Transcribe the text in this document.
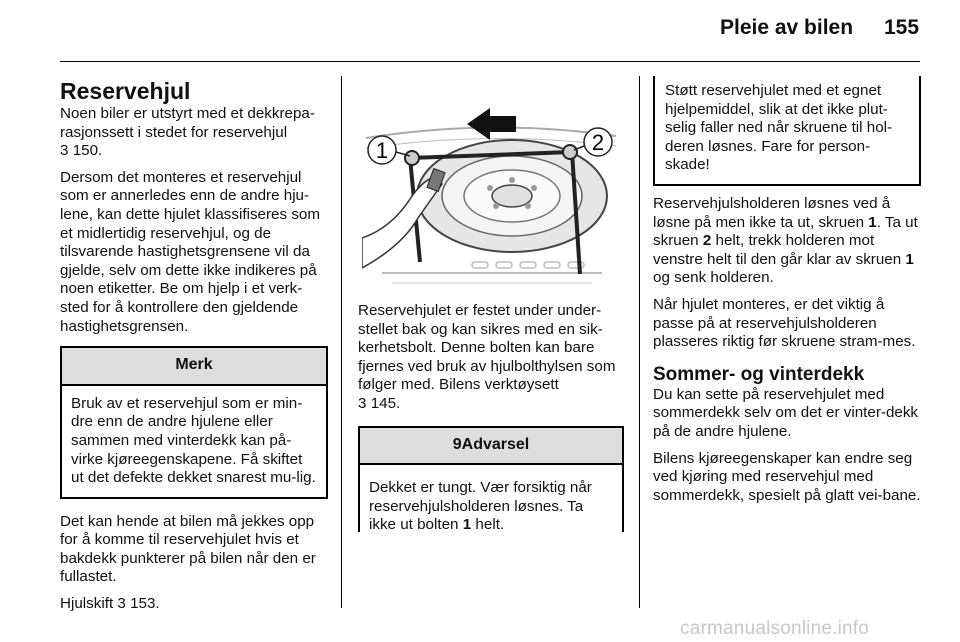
Pleie av bilen 155
Reservehjul

Noen biler er utstyrt med et dekkrepa-rasjonssett i stedet for reservehjul
3 150.

Dersom det monteres et reservehjul som er annerledes enn de andre hju-lene, kan dette hjulet klassifiseres som et midlertidig reservehjul, og de tilsvarende hastighetsgrensene vil da gjelde, selv om dette ikke indikeres på noen etiketter. Be om hjelp i et verk-sted for å kontrollere den gjeldende hastighetsgrensen.

Merk
Bruk av et reservehjul som er min-dre enn de andre hjulene eller sammen med vinterdekk kan på-virke kjøreegenskapene. Få skiftet ut det defekte dekket snarest mu-lig.

Det kan hende at bilen må jekkes opp for å komme til reservehjulet hvis et bakdekk punkterer på bilen når den er fullastet.

Hjulskift 3 153.

1	2

Reservehjulet er festet under under-stellet bak og kan sikres med en sik-kerhetsbolt. Denne bolten kan bare fjernes ved bruk av hjulbolthylsen som følger med. Bilens verktøysett
3 145.

9Advarsel
Dekket er tungt. Vær forsiktig når reservehjulsholderen løsnes. Ta ikke ut bolten 1 helt.
Støtt reservehjulet med et egnet hjelpemiddel, slik at det ikke plut-selig faller ned når skruene til hol-deren løsnes. Fare for person-skade!

Reservehjulsholderen løsnes ved å løsne på men ikke ta ut, skruen 1. Ta ut skruen 2 helt, trekk holderen mot venstre helt til den går klar av skruen 1 og senk holderen.

Når hjulet monteres, er det viktig å passe på at reservehjulsholderen plasseres riktig før skruene stram-mes.

Sommer- og vinterdekk

Du kan sette på reservehjulet med sommerdekk selv om det er vinter-dekk på de andre hjulene.

Bilens kjøreegenskaper kan endre seg ved kjøring med reservehjul med sommerdekk, spesielt på glatt vei-bane.

carmanualsonline.info
